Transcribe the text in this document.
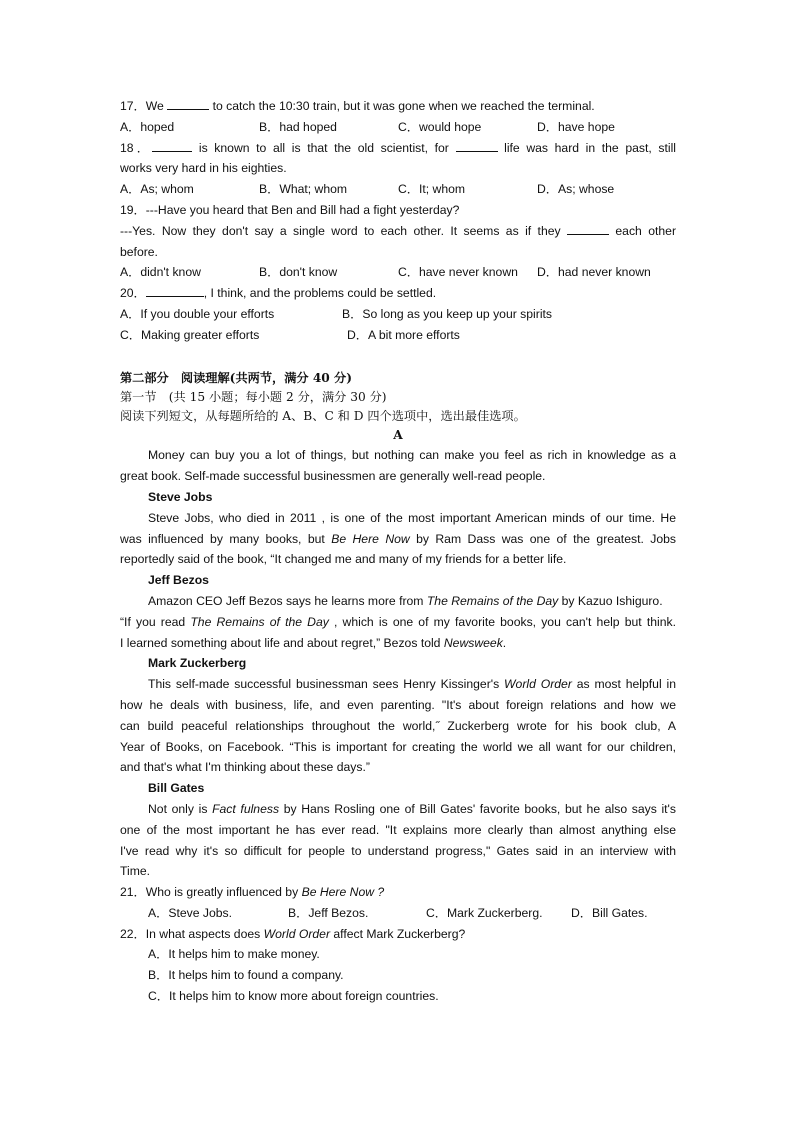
17．We	to catch the 10:30 train, but it was gone when we reached the terminal.
A．hoped	B．had hoped	C．would hope	D．have hope
18．	is known to all is that the old scientist, for	life was hard in the past, still
works very hard in his eighties.
A．As; whom	B．What; whom	C．It; whom	D．As; whose
19．---Have you heard that Ben and Bill had a fight yesterday?
---Yes. Now they don't say a single word to each other. It seems as if they	each other
before.
A．didn't know	B．don't know	C．have never known	D．had never known
20．	, I think, and the problems could be settled.
A．If you double your efforts	B．So long as you keep up your spirits
C．Making greater efforts	D．A bit more efforts
第二部分　阅读理解(共两节，满分 40 分)
第一节　(共 15 小题；每小题 2 分，满分 30 分)
阅读下列短文，从每题所给的 A、B、C 和 D 四个选项中，选出最佳选项。
A
Money can buy you a lot of things, but nothing can make you feel as rich in knowledge as a
great book. Self-made successful businessmen are generally well-read people.
Steve Jobs
Steve Jobs, who died in 2011 , is one of the most important American minds of our time. He
was influenced by many books, but Be Here Now by Ram Dass was one of the greatest. Jobs
reportedly said of the book, “It changed me and many of my friends for a better life.
Jeff Bezos
Amazon CEO Jeff Bezos says he learns more from The Remains of the Day by Kazuo Ishiguro.
“If you read The Remains of the Day , which is one of my favorite books, you can't help but think.
I learned something about life and about regret,” Bezos told Newsweek.
Mark Zuckerberg
This self-made successful businessman sees Henry Kissinger's World Order as most helpful in
how he deals with business, life, and even parenting. "It's about foreign relations and how we
can build peaceful relationships throughout the world,˝ Zuckerberg wrote for his book club, A
Year of Books, on Facebook. “This is important for creating the world we all want for our children,
and that's what I'm thinking about these days.”
Bill Gates
Not only is Fact fulness by Hans Rosling one of Bill Gates' favorite books, but he also says it's
one of the most important he has ever read. "It explains more clearly than almost anything else
I've read why it's so difficult for people to understand progress," Gates said in an interview with
Time.
21．Who is greatly influenced by Be Here Now ?
A．Steve Jobs.	B．Jeff Bezos.	C．Mark Zuckerberg.	D．Bill Gates.
22．In what aspects does World Order affect Mark Zuckerberg?
A．It helps him to make money.
B．It helps him to found a company.
C．It helps him to know more about foreign countries.
